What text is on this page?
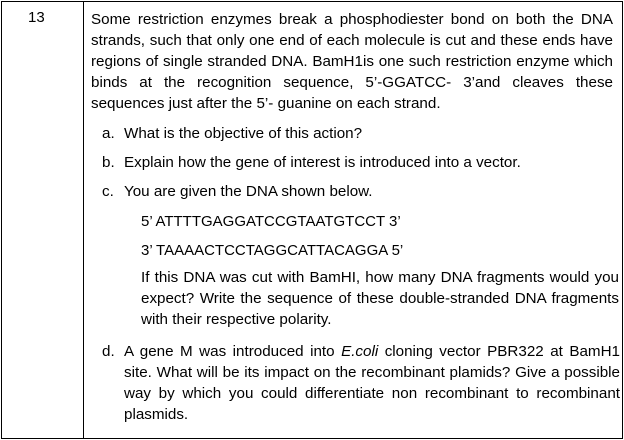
13	Some restriction enzymes break a phosphodiester bond on both the DNA strands, such that only one end of each molecule is cut and these ends have regions of single stranded DNA. BamH1is one such restriction enzyme which binds at the recognition sequence, 5’-GGATCC- 3’and cleaves these sequences just after the 5’- guanine on each strand.
a. What is the objective of this action?
b. Explain how the gene of interest is introduced into a vector.
c. You are given the DNA shown below.
5’ ATTTTGAGGATCCGTAATGTCCT 3’
3’ TAAAACTCCTAGGCATTACAGGA 5’
If this DNA was cut with BamHI, how many DNA fragments would you expect? Write the sequence of these double-stranded DNA fragments with their respective polarity.
d. A gene M was introduced into E.coli cloning vector PBR322 at BamH1 site. What will be its impact on the recombinant plamids? Give a possible way by which you could differentiate non recombinant to recombinant plasmids.
